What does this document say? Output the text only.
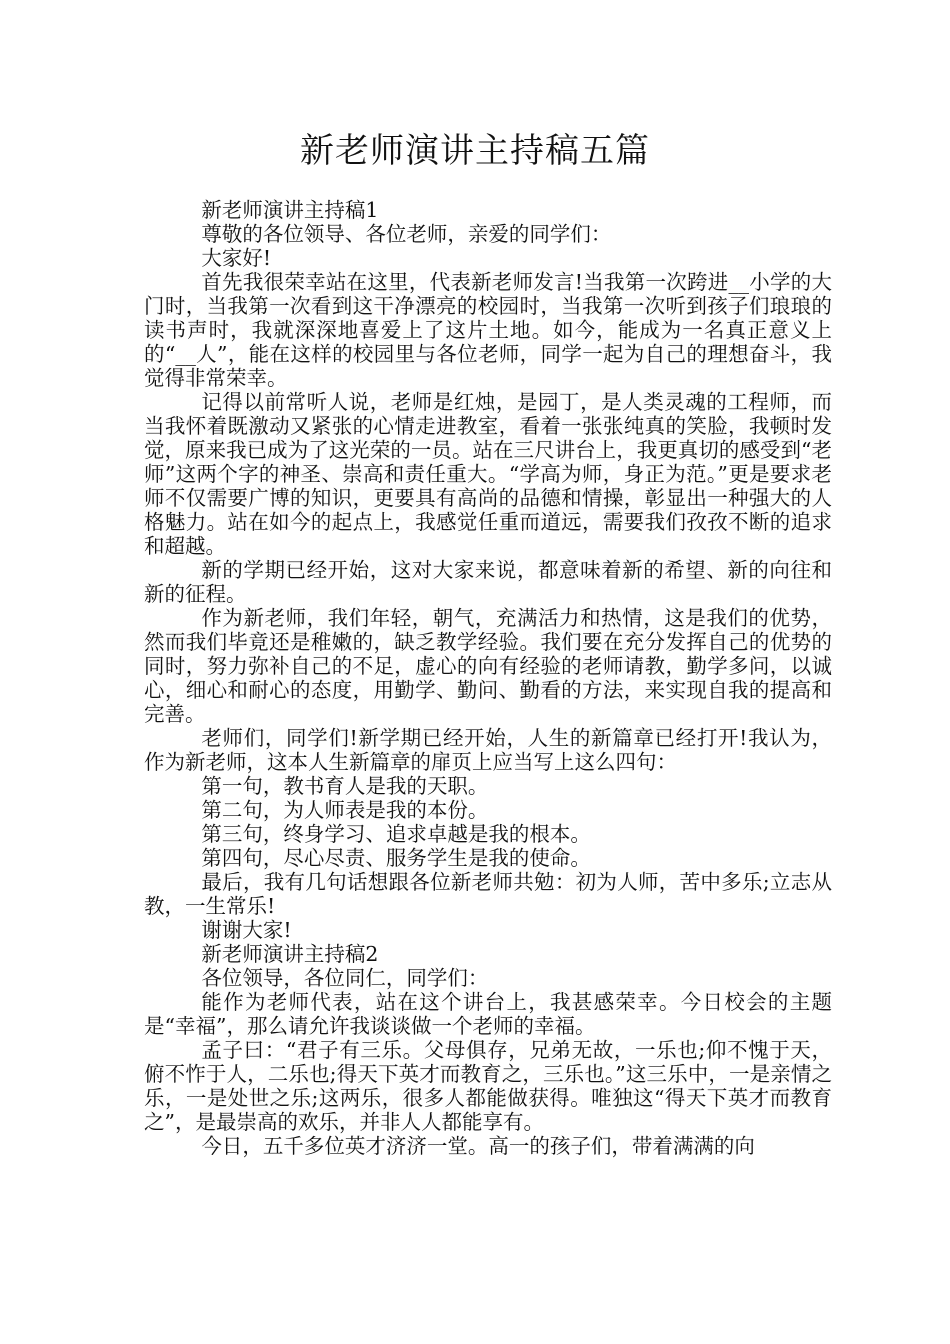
新老师演讲主持稿五篇

新老师演讲主持稿1

尊敬的各位领导、各位老师，亲爱的同学们：

大家好!

首先我很荣幸站在这里，代表新老师发言!当我第一次跨进__小学的大门时，当我第一次看到这干净漂亮的校园时，当我第一次听到孩子们琅琅的读书声时，我就深深地喜爱上了这片土地。如今，能成为一名真正意义上的“__人”，能在这样的校园里与各位老师，同学一起为自己的理想奋斗，我觉得非常荣幸。

记得以前常听人说，老师是红烛，是园丁，是人类灵魂的工程师，而当我怀着既激动又紧张的心情走进教室，看着一张张纯真的笑脸，我顿时发觉，原来我已成为了这光荣的一员。站在三尺讲台上，我更真切的感受到“老师”这两个字的神圣、崇高和责任重大。“学高为师，身正为范。”更是要求老师不仅需要广博的知识，更要具有高尚的品德和情操，彰显出一种强大的人格魅力。站在如今的起点上，我感觉任重而道远，需要我们孜孜不断的追求和超越。

新的学期已经开始，这对大家来说，都意味着新的希望、新的向往和新的征程。

作为新老师，我们年轻，朝气，充满活力和热情，这是我们的优势，然而我们毕竟还是稚嫩的，缺乏教学经验。我们要在充分发挥自己的优势的同时，努力弥补自己的不足，虚心的向有经验的老师请教，勤学多问，以诚心，细心和耐心的态度，用勤学、勤问、勤看的方法，来实现自我的提高和完善。

老师们，同学们!新学期已经开始，人生的新篇章已经打开!我认为，作为新老师，这本人生新篇章的扉页上应当写上这么四句：

第一句，教书育人是我的天职。

第二句，为人师表是我的本份。

第三句，终身学习、追求卓越是我的根本。

第四句，尽心尽责、服务学生是我的使命。

最后，我有几句话想跟各位新老师共勉：初为人师，苦中多乐;立志从教，一生常乐!

谢谢大家!

新老师演讲主持稿2

各位领导，各位同仁，同学们：

能作为老师代表，站在这个讲台上，我甚感荣幸。今日校会的主题是“幸福”，那么请允许我谈谈做一个老师的幸福。

孟子曰：“君子有三乐。父母俱存，兄弟无故，一乐也;仰不愧于天，俯不怍于人，二乐也;得天下英才而教育之，三乐也。”这三乐中，一是亲情之乐，一是处世之乐;这两乐，很多人都能做获得。唯独这“得天下英才而教育之”，是最崇高的欢乐，并非人人都能享有。

今日，五千多位英才济济一堂。高一的孩子们，带着满满的向
